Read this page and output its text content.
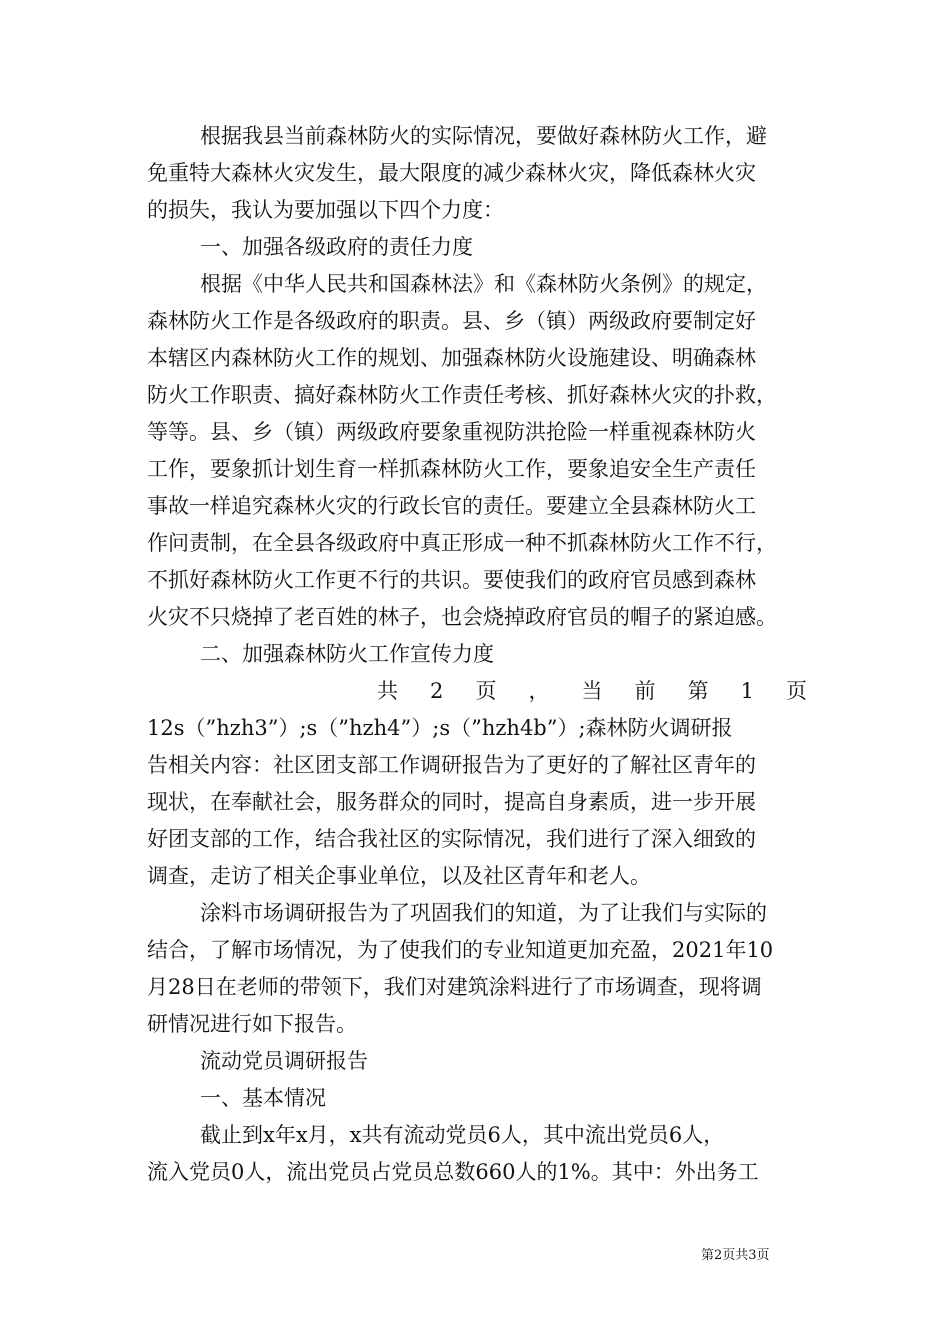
根据我县当前森林防火的实际情况，要做好森林防火工作，避
免重特大森林火灾发生，最大限度的减少森林火灾，降低森林火灾
的损失，我认为要加强以下四个力度：
一、加强各级政府的责任力度
根据《中华人民共和国森林法》和《森林防火条例》的规定，
森林防火工作是各级政府的职责。县、乡（镇）两级政府要制定好
本辖区内森林防火工作的规划、加强森林防火设施建设、明确森林
防火工作职责、搞好森林防火工作责任考核、抓好森林火灾的扑救，
等等。县、乡（镇）两级政府要象重视防洪抢险一样重视森林防火
工作，要象抓计划生育一样抓森林防火工作，要象追安全生产责任
事故一样追究森林火灾的行政长官的责任。要建立全县森林防火工
作问责制，在全县各级政府中真正形成一种不抓森林防火工作不行，
不抓好森林防火工作更不行的共识。要使我们的政府官员感到森林
火灾不只烧掉了老百姓的林子，也会烧掉政府官员的帽子的紧迫感。
二、加强森林防火工作宣传力度
共 2 页 ， 当 前 第 1 页
12s（”hzh3”）;s（”hzh4”）;s（”hzh4b”）;森林防火调研报
告相关内容：社区团支部工作调研报告为了更好的了解社区青年的
现状，在奉献社会，服务群众的同时，提高自身素质，进一步开展
好团支部的工作，结合我社区的实际情况，我们进行了深入细致的
调查，走访了相关企事业单位，以及社区青年和老人。
涂料市场调研报告为了巩固我们的知道，为了让我们与实际的
结合，了解市场情况，为了使我们的专业知道更加充盈，2021年10
月28日在老师的带领下，我们对建筑涂料进行了市场调查，现将调
研情况进行如下报告。
流动党员调研报告
一、基本情况
截止到x年x月，x共有流动党员6人，其中流出党员6人，
流入党员0人，流出党员占党员总数660人的1%。其中：外出务工
第2页共3页
